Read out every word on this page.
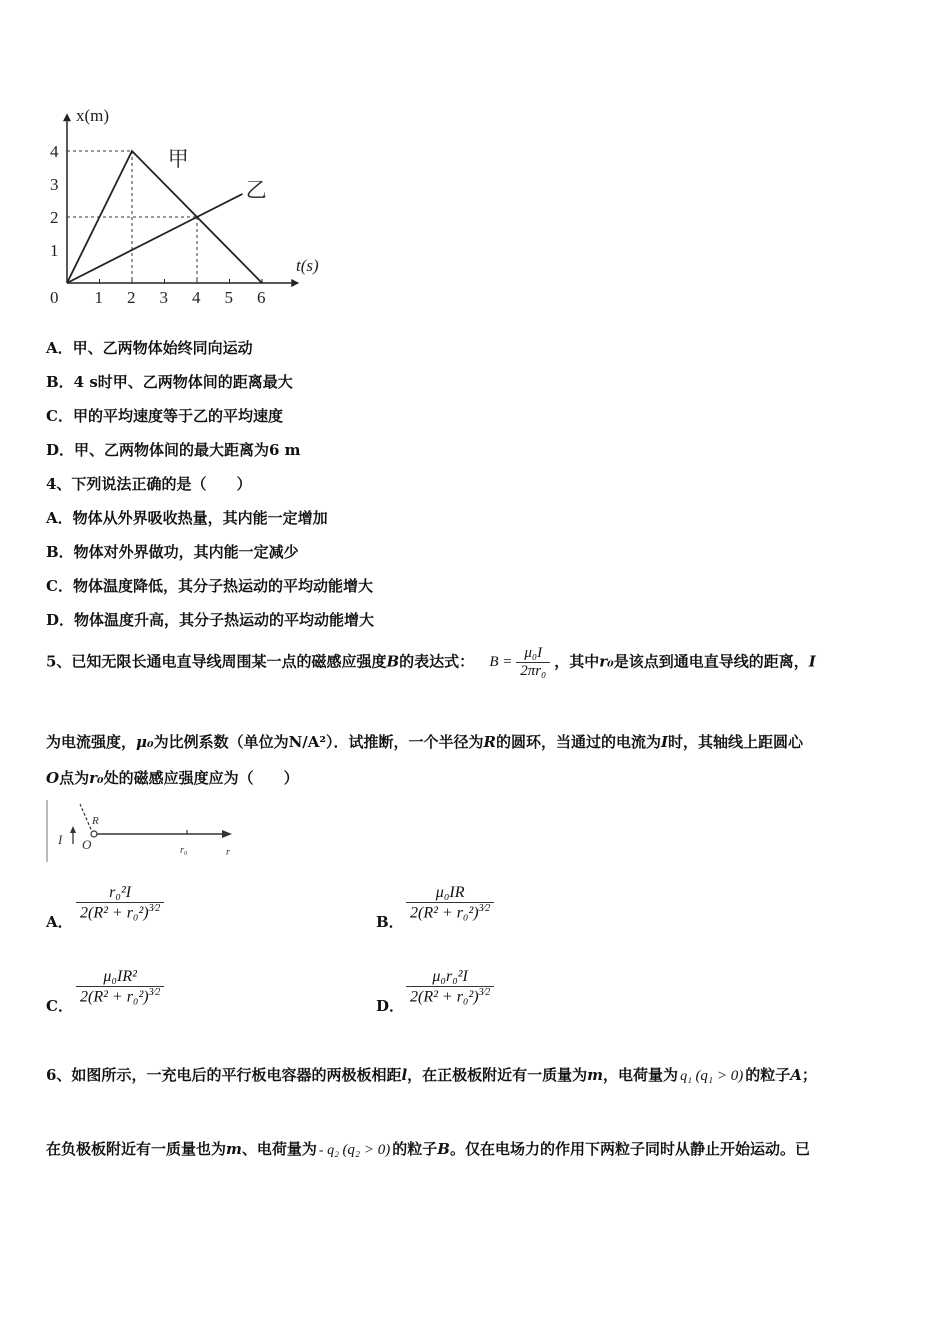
x(m)
t(s)
0 1 2 3 4 5 6
1
2
3
4	甲
乙
A．甲、乙两物体始终同向运动
B．4 s时甲、乙两物体间的距离最大
C．甲的平均速度等于乙的平均速度
D．甲、乙两物体间的最大距离为6 m
4、下列说法正确的是（　　）
A．物体从外界吸收热量，其内能一定增加
B．物体对外界做功，其内能一定减少
C．物体温度降低，其分子热运动的平均动能增大
D．物体温度升高，其分子热运动的平均动能增大
5、已知无限长通电直导线周围某一点的磁感应强度B的表达式： $B = \frac{\text{μ₀I}}{\text{2πr₀}}$ ，其中r₀是该点到通电直导线的距离，I
为电流强度，μ₀为比例系数（单位为N/A²）．试推断，一个半径为R的圆环，当通过的电流为I时，其轴线上距圆心
O点为r₀处的磁感应强度应为（　　）
I O
R
r₀	r
A． $\frac{\text{r₀²I}}{2(R^2 + r_0^2)^{3⁄2}}$	B． $\frac{\text{μ₀IR}}{2(R^2 + r_0^2)^{3⁄2}}$
C． $\frac{\text{μ₀IR²}}{2(R^2 + r_0^2)^{3⁄2}}$	D． $\frac{\text{μ₀r₀²I}}{2(R^2 + r_0^2)^{3⁄2}}$
6、如图所示，一充电后的平行板电容器的两极板相距l，在正极板附近有一质量为m，电荷量为 q₁ (q₁ > 0) 的粒子A；
在负极板附近有一质量也为m、电荷量为 - q₂ (q₂ > 0) 的粒子B。仅在电场力的作用下两粒子同时从静止开始运动。已
